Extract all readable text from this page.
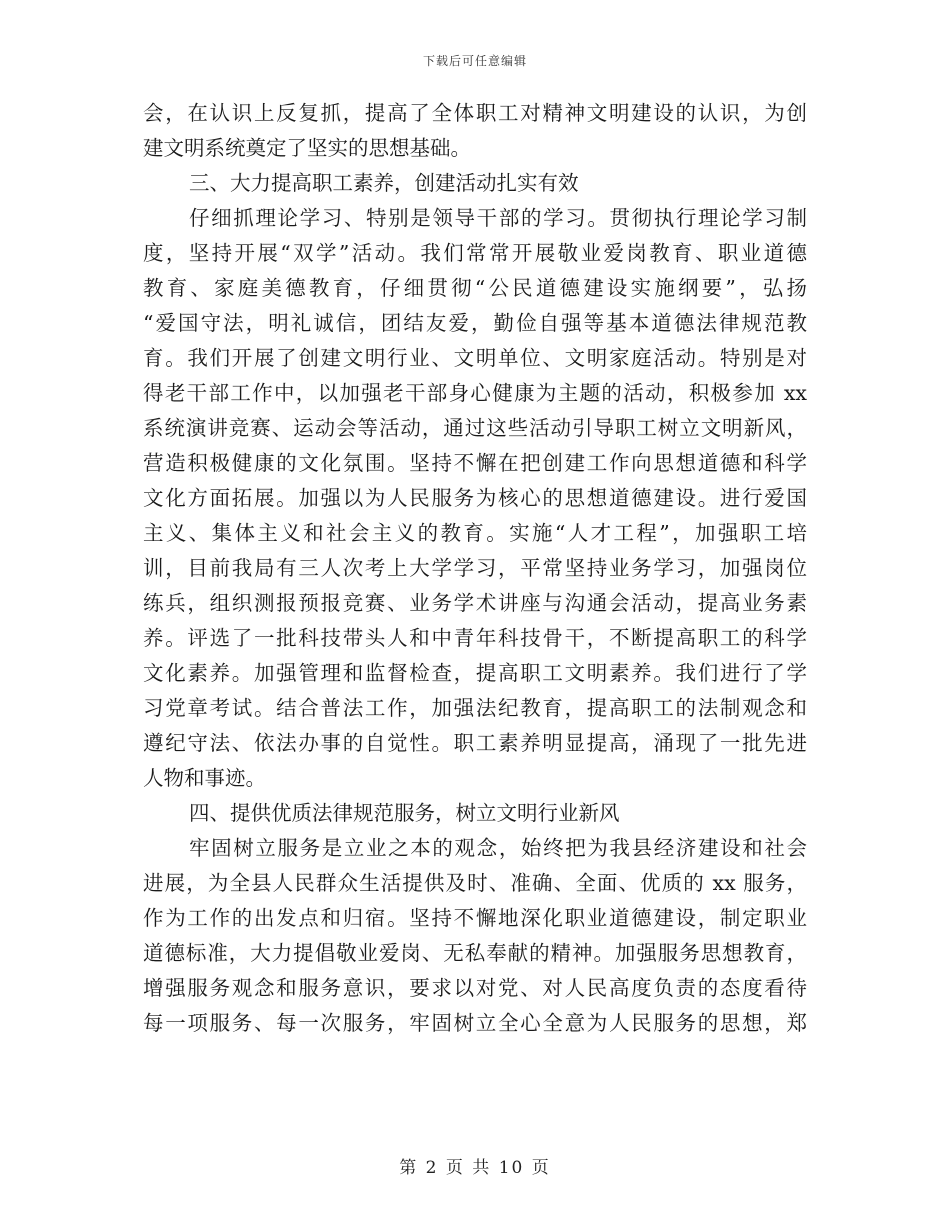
下载后可任意编辑
会，在认识上反复抓，提高了全体职工对精神文明建设的认识，为创
建文明系统奠定了坚实的思想基础。
三、大力提高职工素养，创建活动扎实有效
仔细抓理论学习、特别是领导干部的学习。贯彻执行理论学习制
度，坚持开展“双学”活动。我们常常开展敬业爱岗教育、职业道德
教育、家庭美德教育，仔细贯彻“公民道德建设实施纲要”，弘扬
“爱国守法，明礼诚信，团结友爱，勤俭自强等基本道德法律规范教
育。我们开展了创建文明行业、文明单位、文明家庭活动。特别是对
得老干部工作中，以加强老干部身心健康为主题的活动，积极参加 xx
系统演讲竞赛、运动会等活动，通过这些活动引导职工树立文明新风，
营造积极健康的文化氛围。坚持不懈在把创建工作向思想道德和科学
文化方面拓展。加强以为人民服务为核心的思想道德建设。进行爱国
主义、集体主义和社会主义的教育。实施“人才工程”，加强职工培
训，目前我局有三人次考上大学学习，平常坚持业务学习，加强岗位
练兵，组织测报预报竞赛、业务学术讲座与沟通会活动，提高业务素
养。评选了一批科技带头人和中青年科技骨干，不断提高职工的科学
文化素养。加强管理和监督检查，提高职工文明素养。我们进行了学
习党章考试。结合普法工作，加强法纪教育，提高职工的法制观念和
遵纪守法、依法办事的自觉性。职工素养明显提高，涌现了一批先进
人物和事迹。
四、提供优质法律规范服务，树立文明行业新风
牢固树立服务是立业之本的观念，始终把为我县经济建设和社会
进展，为全县人民群众生活提供及时、准确、全面、优质的 xx 服务，
作为工作的出发点和归宿。坚持不懈地深化职业道德建设，制定职业
道德标准，大力提倡敬业爱岗、无私奉献的精神。加强服务思想教育，
增强服务观念和服务意识，要求以对党、对人民高度负责的态度看待
每一项服务、每一次服务，牢固树立全心全意为人民服务的思想，郑
第 2 页 共 10 页
